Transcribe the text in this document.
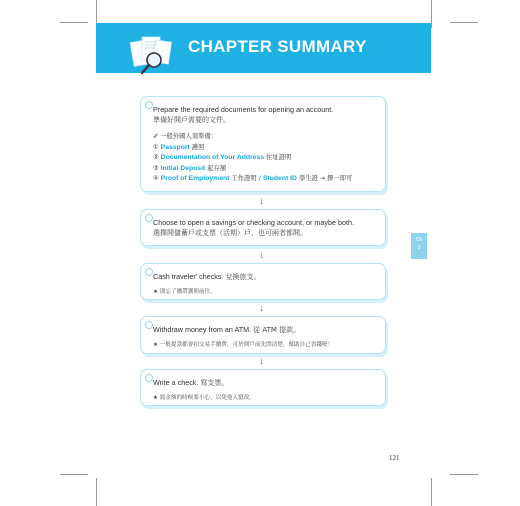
CHAPTER SUMMARY
Prepare the required documents for opening an account.
準備好開戶需要的文件。
✐ 一般外國人須準備：
① Passport 護照
② Documentation of Your Address 住址證明
③ Initial Deposit 起存額
④ Proof of Employment 工作證明 / Student ID 學生證 → 擇一即可
↓
Choose to open a savings or checking account, or maybe both.
選擇開儲蓄戶或支票（活期）戶，也可兩者都開。
↓
Cash traveler' checks. 兌換旅支。
★ 別忘了攜帶護照前往。
↓
Withdraw money from an ATM. 從 ATM 提款。
★ 一般提款都會扣交易手續費，可於開戶前先問清楚，幫助自己省錢喔！
↓
Write a check. 寫支票。
★ 寫金額的時候要小心，以免他人竄改。
Ch
3
121
